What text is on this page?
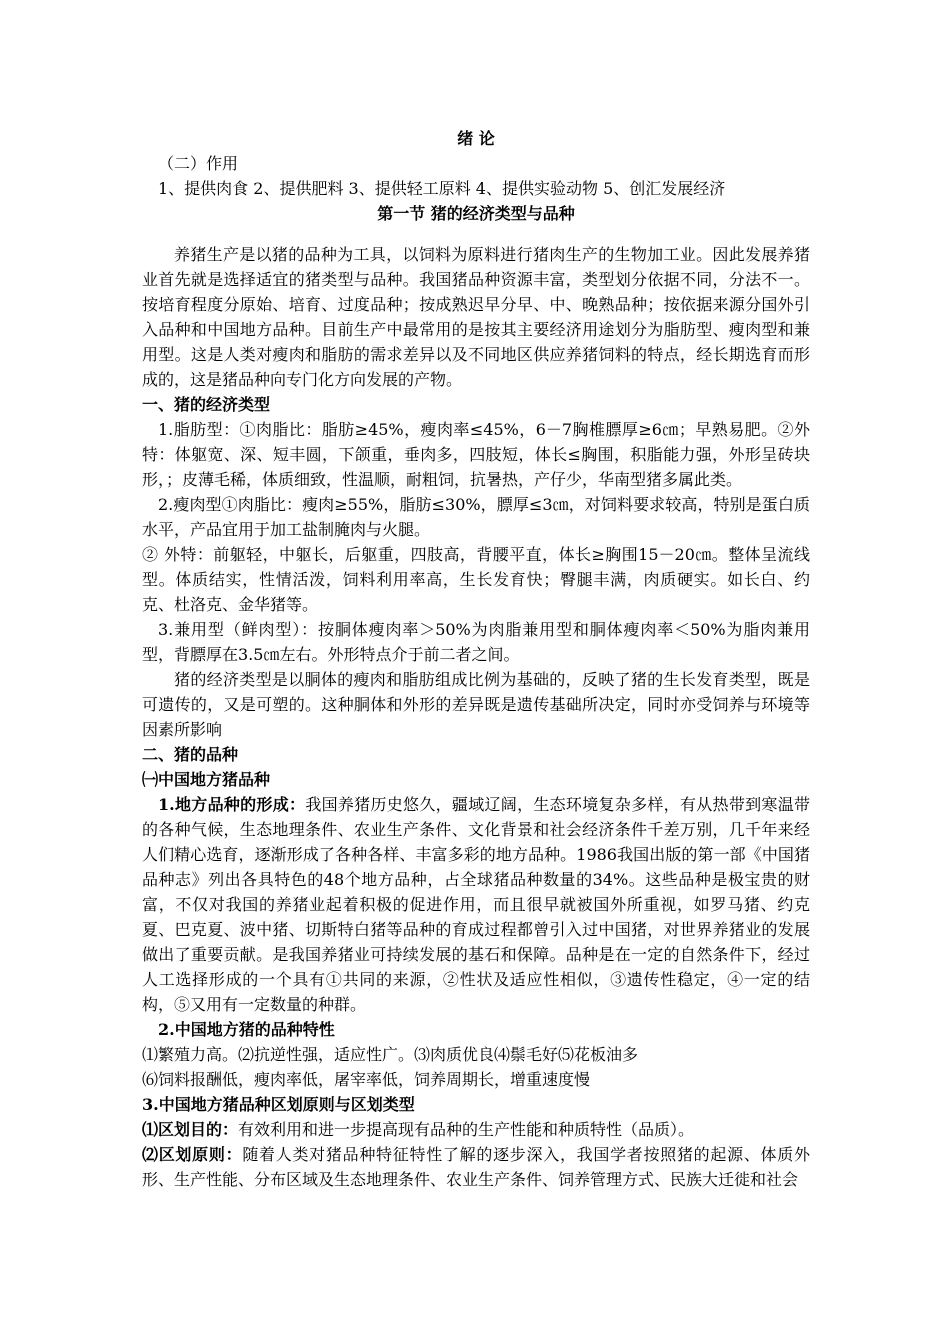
绪 论

（二）作用

1、提供肉食 2、提供肥料 3、提供轻工原料 4、提供实验动物 5、创汇发展经济

第一节 猪的经济类型与品种

养猪生产是以猪的品种为工具，以饲料为原料进行猪肉生产的生物加工业。因此发展养猪业首先就是选择适宜的猪类型与品种。我国猪品种资源丰富，类型划分依据不同，分法不一。按培育程度分原始、培育、过度品种；按成熟迟早分早、中、晚熟品种；按依据来源分国外引入品种和中国地方品种。目前生产中最常用的是按其主要经济用途划分为脂肪型、瘦肉型和兼用型。这是人类对瘦肉和脂肪的需求差异以及不同地区供应养猪饲料的特点，经长期选育而形成的，这是猪品种向专门化方向发展的产物。

一、猪的经济类型

1.脂肪型：①肉脂比：脂肪≥45%，瘦肉率≤45%，6－7胸椎膘厚≥6㎝；早熟易肥。②外特：体躯宽、深、短丰圆，下颌重，垂肉多，四肢短，体长≤胸围，积脂能力强，外形呈砖块形，；皮薄毛稀，体质细致，性温顺，耐粗饲，抗暑热，产仔少，华南型猪多属此类。

2.瘦肉型①肉脂比：瘦肉≥55%，脂肪≤30%，膘厚≤3㎝，对饲料要求较高，特别是蛋白质水平，产品宜用于加工盐制腌肉与火腿。

② 外特：前躯轻，中躯长，后躯重，四肢高，背腰平直，体长≥胸围15－20㎝。整体呈流线型。体质结实，性情活泼，饲料利用率高，生长发育快；臀腿丰满，肉质硬实。如长白、约克、杜洛克、金华猪等。

3.兼用型（鲜肉型）：按胴体瘦肉率＞50%为肉脂兼用型和胴体瘦肉率＜50%为脂肉兼用型，背膘厚在3.5㎝左右。外形特点介于前二者之间。

猪的经济类型是以胴体的瘦肉和脂肪组成比例为基础的，反映了猪的生长发育类型，既是可遗传的，又是可塑的。这种胴体和外形的差异既是遗传基础所决定，同时亦受饲养与环境等因素所影响

二、猪的品种

㈠中国地方猪品种

1.地方品种的形成：我国养猪历史悠久，疆域辽阔，生态环境复杂多样，有从热带到寒温带的各种气候，生态地理条件、农业生产条件、文化背景和社会经济条件千差万别，几千年来经人们精心选育，逐渐形成了各种各样、丰富多彩的地方品种。1986我国出版的第一部《中国猪品种志》列出各具特色的48个地方品种，占全球猪品种数量的34%。这些品种是极宝贵的财富，不仅对我国的养猪业起着积极的促进作用，而且很早就被国外所重视，如罗马猪、约克夏、巴克夏、波中猪、切斯特白猪等品种的育成过程都曾引入过中国猪，对世界养猪业的发展做出了重要贡献。是我国养猪业可持续发展的基石和保障。品种是在一定的自然条件下，经过人工选择形成的一个具有①共同的来源，②性状及适应性相似，③遗传性稳定，④一定的结构，⑤又用有一定数量的种群。

2.中国地方猪的品种特性

⑴繁殖力高。⑵抗逆性强，适应性广。⑶肉质优良⑷鬃毛好⑸花板油多

⑹饲料报酬低，瘦肉率低，屠宰率低，饲养周期长，增重速度慢

3.中国地方猪品种区划原则与区划类型

⑴区划目的：有效利用和进一步提高现有品种的生产性能和种质特性（品质）。

⑵区划原则：随着人类对猪品种特征特性了解的逐步深入，我国学者按照猪的起源、体质外形、生产性能、分布区域及生态地理条件、农业生产条件、饲养管理方式、民族大迁徙和社会
